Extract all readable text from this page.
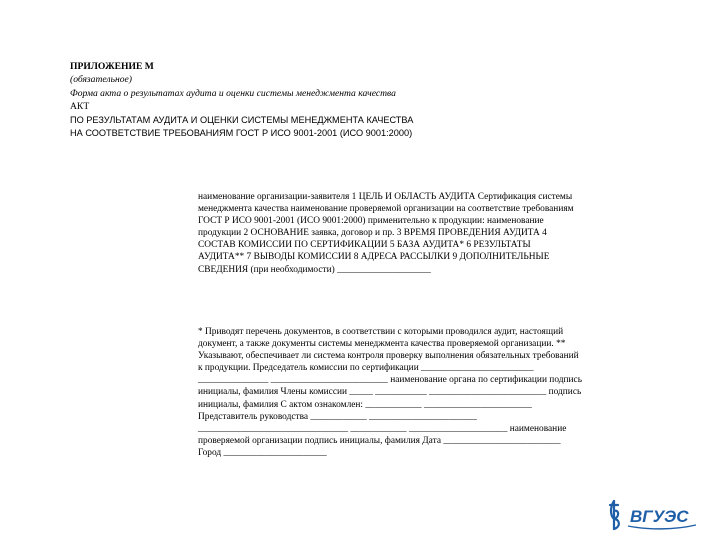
ПРИЛОЖЕНИЕ М
(обязательное)
Форма акта о результатах аудита и оценки системы менеджмента качества
АКТ
ПО РЕЗУЛЬТАТАМ АУДИТА И ОЦЕНКИ СИСТЕМЫ МЕНЕДЖМЕНТА КАЧЕСТВА
НА СООТВЕТСТВИЕ ТРЕБОВАНИЯМ ГОСТ Р ИСО 9001-2001 (ИСО 9001:2000)
наименование организации-заявителя 1 ЦЕЛЬ И ОБЛАСТЬ АУДИТА Сертификация системы
менеджмента качества наименование проверяемой организации на соответствие требованиям
ГОСТ Р ИСО 9001-2001 (ИСО 9001:2000) применительно к продукции: наименование
продукции 2 ОСНОВАНИЕ заявка, договор и пр. 3 ВРЕМЯ ПРОВЕДЕНИЯ АУДИТА 4
СОСТАВ КОМИССИИ ПО СЕРТИФИКАЦИИ 5 БАЗА АУДИТА* 6 РЕЗУЛЬТАТЫ
АУДИТА** 7 ВЫВОДЫ КОМИССИИ 8 АДРЕСА РАССЫЛКИ 9 ДОПОЛНИТЕЛЬНЫЕ
СВЕДЕНИЯ (при необходимости) ____________________
* Приводят перечень документов, в соответствии с которыми проводился аудит, настоящий
документ, а также документы системы менеджмента качества проверяемой организации. **
Указывают, обеспечивает ли система контроля проверку выполнения обязательных требований
к продукции. Председатель комиссии по сертификации ________________________
_______________ _________________________ наименование органа по сертификации подпись
инициалы, фамилия Члены комиссии _____ ___________ _________________________ подпись
инициалы, фамилия С актом ознакомлен: ____________ _______________________
Представитель руководства ____________ _______________________
________________________________ ____________ _____________________ наименование
проверяемой организации подпись инициалы, фамилия Дата _________________________
Город ______________________
ВГУЭС
